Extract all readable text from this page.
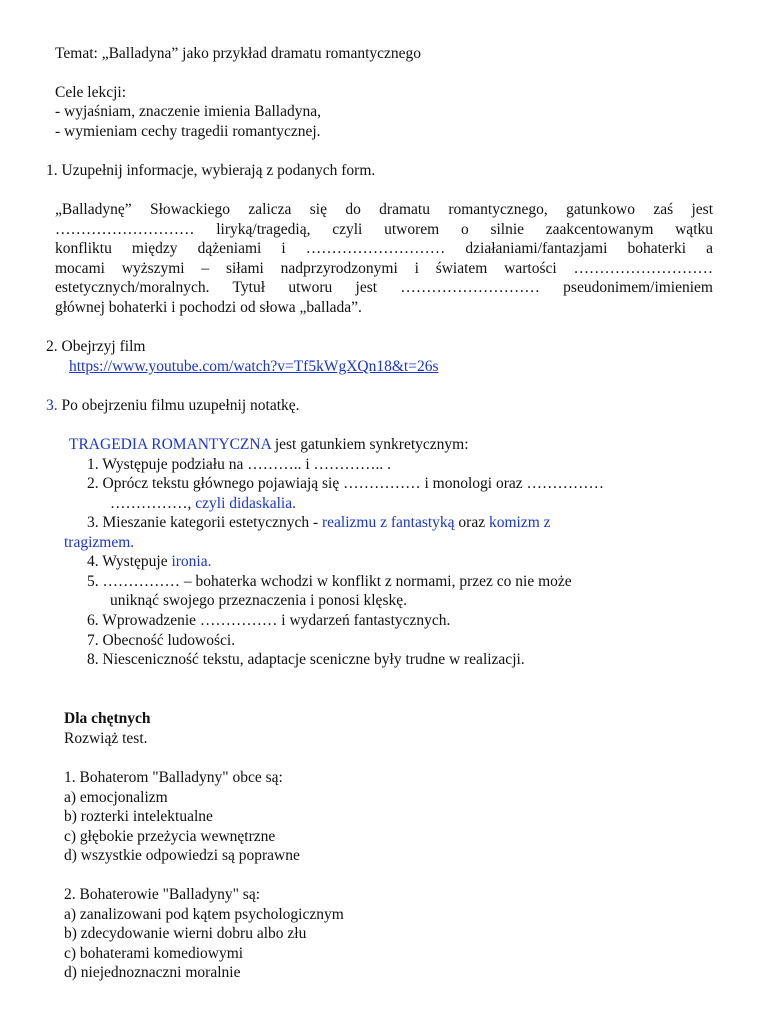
Temat: „Balladyna” jako przykład dramatu romantycznego
Cele lekcji:
- wyjaśniam, znaczenie imienia Balladyna,
- wymieniam cechy tragedii romantycznej.
1. Uzupełnij informacje, wybierają z podanych form.
„Balladynę” Słowackiego zalicza się do dramatu romantycznego, gatunkowo zaś jest
……………………… liryką/tragedią, czyli utworem o silnie zaakcentowanym wątku
konfliktu między dążeniami i ……………………… działaniami/fantazjami bohaterki a
mocami wyższymi – siłami nadprzyrodzonymi i światem wartości ………………………
estetycznych/moralnych. Tytuł utworu jest ……………………… pseudonimem/imieniem
głównej bohaterki i pochodzi od słowa „ballada”.
2. Obejrzyj film
https://www.youtube.com/watch?v=Tf5kWgXQn18&t=26s
3. Po obejrzeniu filmu uzupełnij notatkę.
TRAGEDIA ROMANTYCZNA jest gatunkiem synkretycznym:
1. Występuje podziału na ……….. i ………….. .
2. Oprócz tekstu głównego pojawiają się …………… i monologi oraz ……………
……………, czyli didaskalia.
3. Mieszanie kategorii estetycznych - realizmu z fantastyką oraz komizm z
tragizmem.
4. Występuje ironia.
5. …………… – bohaterka wchodzi w konflikt z normami, przez co nie może
uniknąć swojego przeznaczenia i ponosi klęskę.
6. Wprowadzenie …………… i wydarzeń fantastycznych.
7. Obecność ludowości.
8. Niesceniczność tekstu, adaptacje sceniczne były trudne w realizacji.
Dla chętnych
Rozwiąż test.
1. Bohaterom "Balladyny" obce są:
a) emocjonalizm
b) rozterki intelektualne
c) głębokie przeżycia wewnętrzne
d) wszystkie odpowiedzi są poprawne
2. Bohaterowie "Balladyny" są:
a) zanalizowani pod kątem psychologicznym
b) zdecydowanie wierni dobru albo złu
c) bohaterami komediowymi
d) niejednoznaczni moralnie
